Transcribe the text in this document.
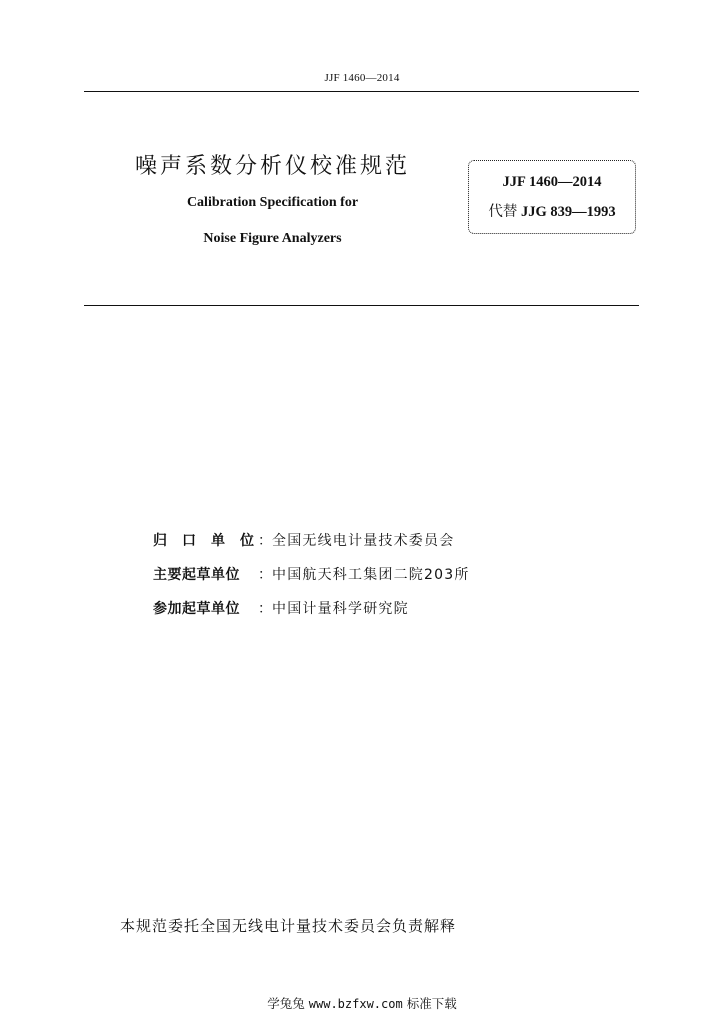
JJF 1460—2014
噪声系数分析仪校准规范
Calibration Specification for
Noise Figure Analyzers
JJF 1460—2014
代替 JJG 839—1993
归 口 单 位 ： 全国无线电计量技术委员会
主要起草单位	： 中国航天科工集团二院203所
参加起草单位	： 中国计量科学研究院
本规范委托全国无线电计量技术委员会负责解释
学兔兔 www.bzfxw.com 标准下载
